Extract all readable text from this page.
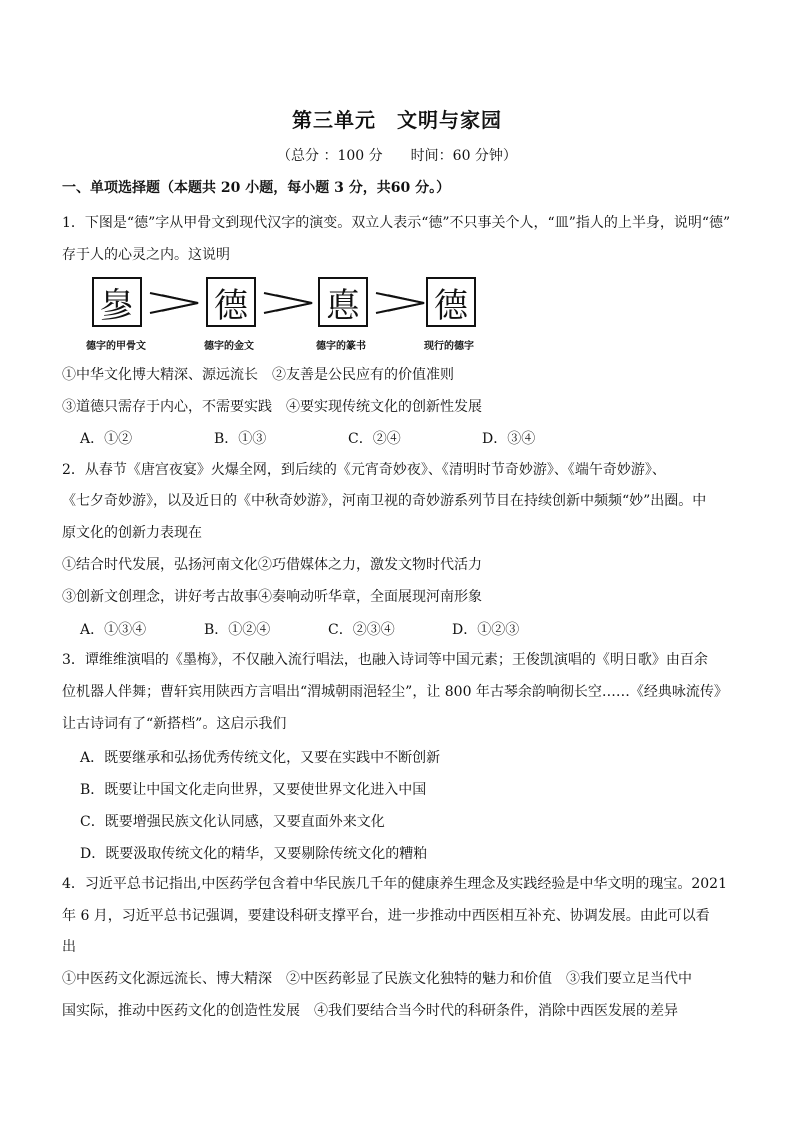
第三单元　文明与家园
（总分 ：100 分　　时间：60 分钟）
一、单项选择题（本题共 20 小题，每小题 3 分，共60 分。）
1．下图是“德”字从甲骨文到现代汉字的演变。双立人表示“德”不只事关个人，“皿”指人的上半身，说明“德”
存于人的心灵之内。这说明
㣎 德 悳 德
德字的甲骨文	德字的金文	德字的篆书	现行的德字
①中华文化博大精深、源远流长　②友善是公民应有的价值准则
③道德只需存于内心，不需要实践　④要实现传统文化的创新性发展
A．①②	B．①③	C．②④	D．③④
2．从春节《唐宫夜宴》火爆全网，到后续的《元宵奇妙夜》、《清明时节奇妙游》、《端午奇妙游》、
《七夕奇妙游》，以及近日的《中秋奇妙游》，河南卫视的奇妙游系列节目在持续创新中频频“妙”出圈。中
原文化的创新力表现在
①结合时代发展，弘扬河南文化②巧借媒体之力，激发文物时代活力
③创新文创理念，讲好考古故事④奏响动听华章，全面展现河南形象
A．①③④	B．①②④	C．②③④	D．①②③
3．谭维维演唱的《墨梅》，不仅融入流行唱法，也融入诗词等中国元素；王俊凯演唱的《明日歌》由百余
位机器人伴舞；曹轩宾用陕西方言唱出“渭城朝雨浥轻尘”，让 800 年古琴余韵响彻长空……《经典咏流传》
让古诗词有了“新搭档”。这启示我们
A．既要继承和弘扬优秀传统文化，又要在实践中不断创新
B．既要让中国文化走向世界，又要使世界文化进入中国
C．既要增强民族文化认同感，又要直面外来文化
D．既要汲取传统文化的精华，又要剔除传统文化的糟粕
4．习近平总书记指出,中医药学包含着中华民族几千年的健康养生理念及实践经验是中华文明的瑰宝。2021
年 6 月，习近平总书记强调，要建设科研支撑平台，进一步推动中西医相互补充、协调发展。由此可以看
出
①中医药文化源远流长、博大精深　②中医药彰显了民族文化独特的魅力和价值　③我们要立足当代中
国实际，推动中医药文化的创造性发展　④我们要结合当今时代的科研条件，消除中西医发展的差异
